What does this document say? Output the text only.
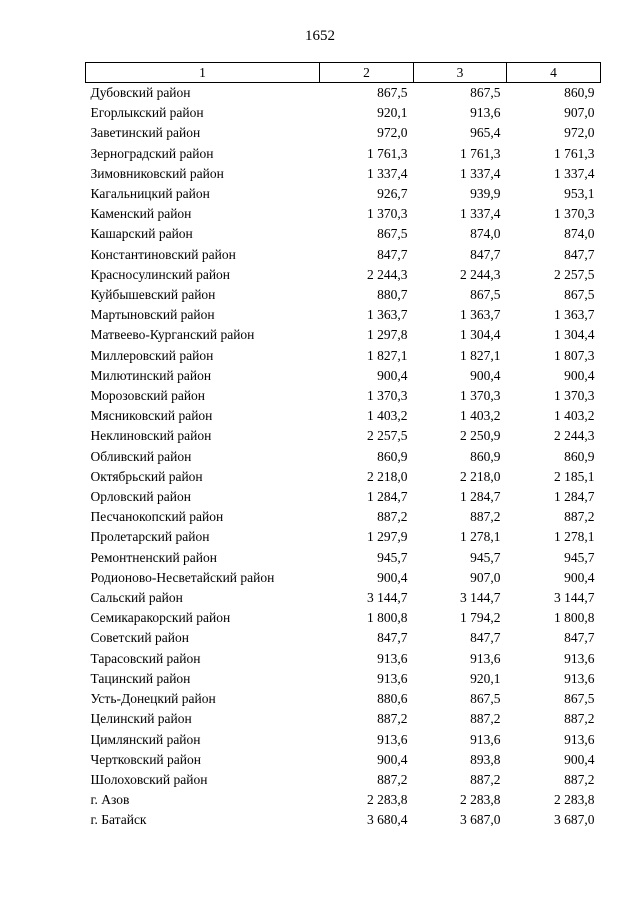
1652
1	2	3	4
Дубовский район	867,5	867,5	860,9
Егорлыкский район	920,1	913,6	907,0
Заветинский район	972,0	965,4	972,0
Зерноградский район	1 761,3	1 761,3	1 761,3
Зимовниковский район	1 337,4	1 337,4	1 337,4
Кагальницкий район	926,7	939,9	953,1
Каменский район	1 370,3	1 337,4	1 370,3
Кашарский район	867,5	874,0	874,0
Константиновский район	847,7	847,7	847,7
Красносулинский район	2 244,3	2 244,3	2 257,5
Куйбышевский район	880,7	867,5	867,5
Мартыновский район	1 363,7	1 363,7	1 363,7
Матвеево-Курганский район	1 297,8	1 304,4	1 304,4
Миллеровский район	1 827,1	1 827,1	1 807,3
Милютинский район	900,4	900,4	900,4
Морозовский район	1 370,3	1 370,3	1 370,3
Мясниковский район	1 403,2	1 403,2	1 403,2
Неклиновский район	2 257,5	2 250,9	2 244,3
Обливский район	860,9	860,9	860,9
Октябрьский район	2 218,0	2 218,0	2 185,1
Орловский район	1 284,7	1 284,7	1 284,7
Песчанокопский район	887,2	887,2	887,2
Пролетарский район	1 297,9	1 278,1	1 278,1
Ремонтненский район	945,7	945,7	945,7
Родионово-Несветайский район	900,4	907,0	900,4
Сальский район	3 144,7	3 144,7	3 144,7
Семикаракорский район	1 800,8	1 794,2	1 800,8
Советский район	847,7	847,7	847,7
Тарасовский район	913,6	913,6	913,6
Тацинский район	913,6	920,1	913,6
Усть-Донецкий район	880,6	867,5	867,5
Целинский район	887,2	887,2	887,2
Цимлянский район	913,6	913,6	913,6
Чертковский район	900,4	893,8	900,4
Шолоховский район	887,2	887,2	887,2
г. Азов	2 283,8	2 283,8	2 283,8
г. Батайск	3 680,4	3 687,0	3 687,0
